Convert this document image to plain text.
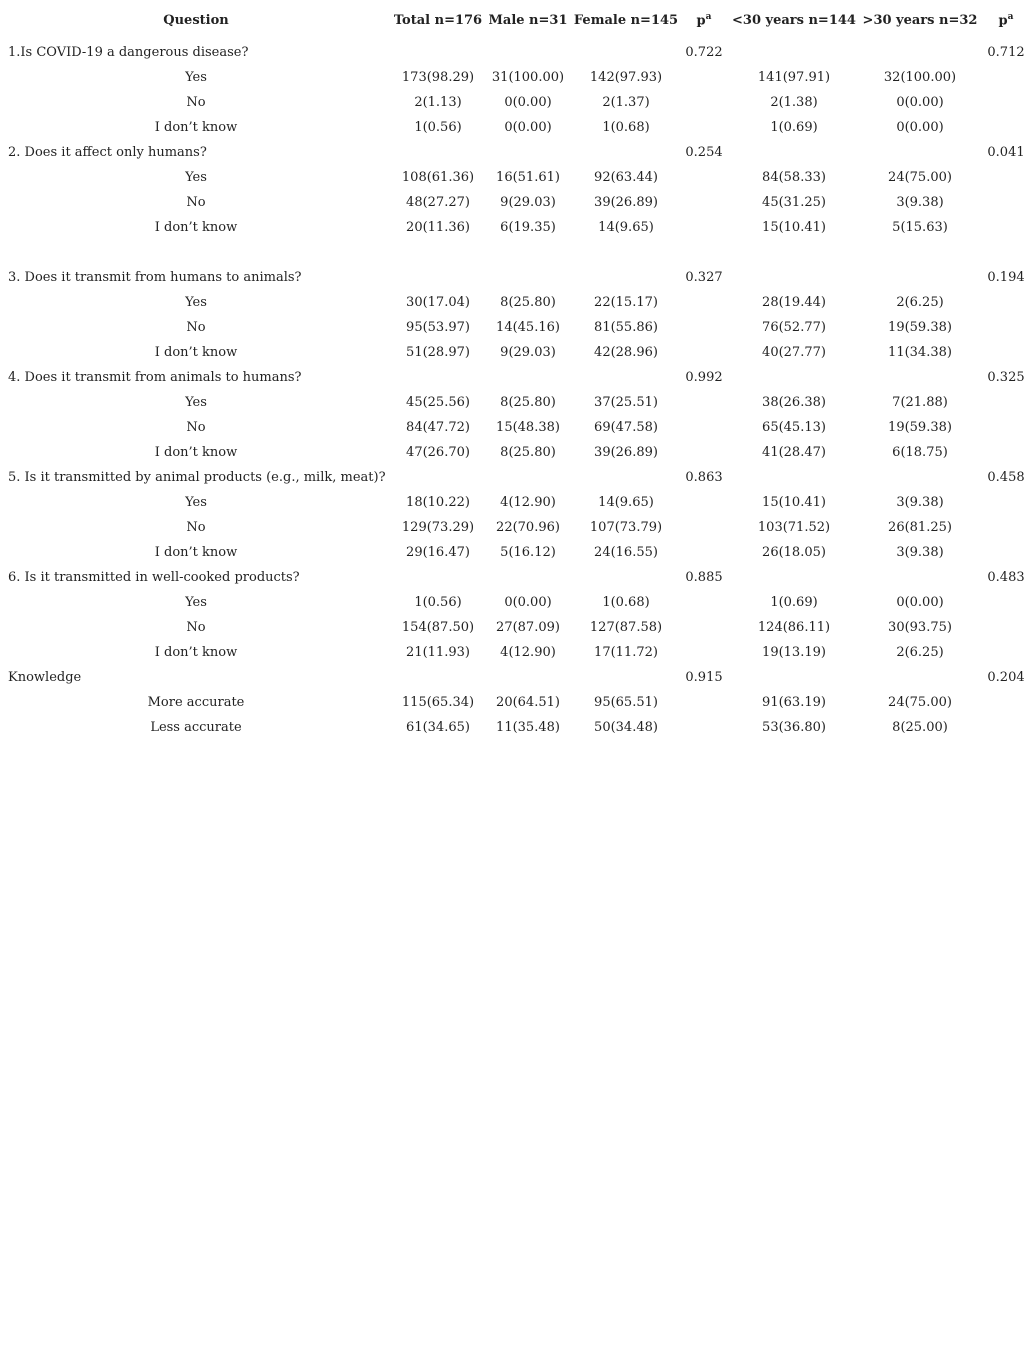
Question	Total n=176	Male n=31	Female n=145	$p^a$	<30 years n=144	>30 years n=32	$p^a$
1.Is COVID-19 a dangerous disease?				0.722			0.712
Yes	173(98.29)	31(100.00)	142(97.93)		141(97.91)	32(100.00)	
No	2(1.13)	0(0.00)	2(1.37)		2(1.38)	0(0.00)	
I don’t know	1(0.56)	0(0.00)	1(0.68)		1(0.69)	0(0.00)	
2. Does it affect only humans?				0.254			0.041
Yes	108(61.36)	16(51.61)	92(63.44)		84(58.33)	24(75.00)	
No	48(27.27)	9(29.03)	39(26.89)		45(31.25)	3(9.38)	
I don’t know	20(11.36)	6(19.35)	14(9.65)		15(10.41)	5(15.63)	

3. Does it transmit from humans to animals?				0.327			0.194
Yes	30(17.04)	8(25.80)	22(15.17)		28(19.44)	2(6.25)	
No	95(53.97)	14(45.16)	81(55.86)		76(52.77)	19(59.38)	
I don’t know	51(28.97)	9(29.03)	42(28.96)		40(27.77)	11(34.38)	
4. Does it transmit from animals to humans?				0.992			0.325
Yes	45(25.56)	8(25.80)	37(25.51)		38(26.38)	7(21.88)	
No	84(47.72)	15(48.38)	69(47.58)		65(45.13)	19(59.38)	
I don’t know	47(26.70)	8(25.80)	39(26.89)		41(28.47)	6(18.75)	
5. Is it transmitted by animal products (e.g., milk, meat)?				0.863			0.458
Yes	18(10.22)	4(12.90)	14(9.65)		15(10.41)	3(9.38)	
No	129(73.29)	22(70.96)	107(73.79)		103(71.52)	26(81.25)	
I don’t know	29(16.47)	5(16.12)	24(16.55)		26(18.05)	3(9.38)	
6. Is it transmitted in well-cooked products?				0.885			0.483
Yes	1(0.56)	0(0.00)	1(0.68)		1(0.69)	0(0.00)	
No	154(87.50)	27(87.09)	127(87.58)		124(86.11)	30(93.75)	
I don’t know	21(11.93)	4(12.90)	17(11.72)		19(13.19)	2(6.25)	
Knowledge				0.915			0.204
More accurate	115(65.34)	20(64.51)	95(65.51)		91(63.19)	24(75.00)	
Less accurate	61(34.65)	11(35.48)	50(34.48)		53(36.80)	8(25.00)	
